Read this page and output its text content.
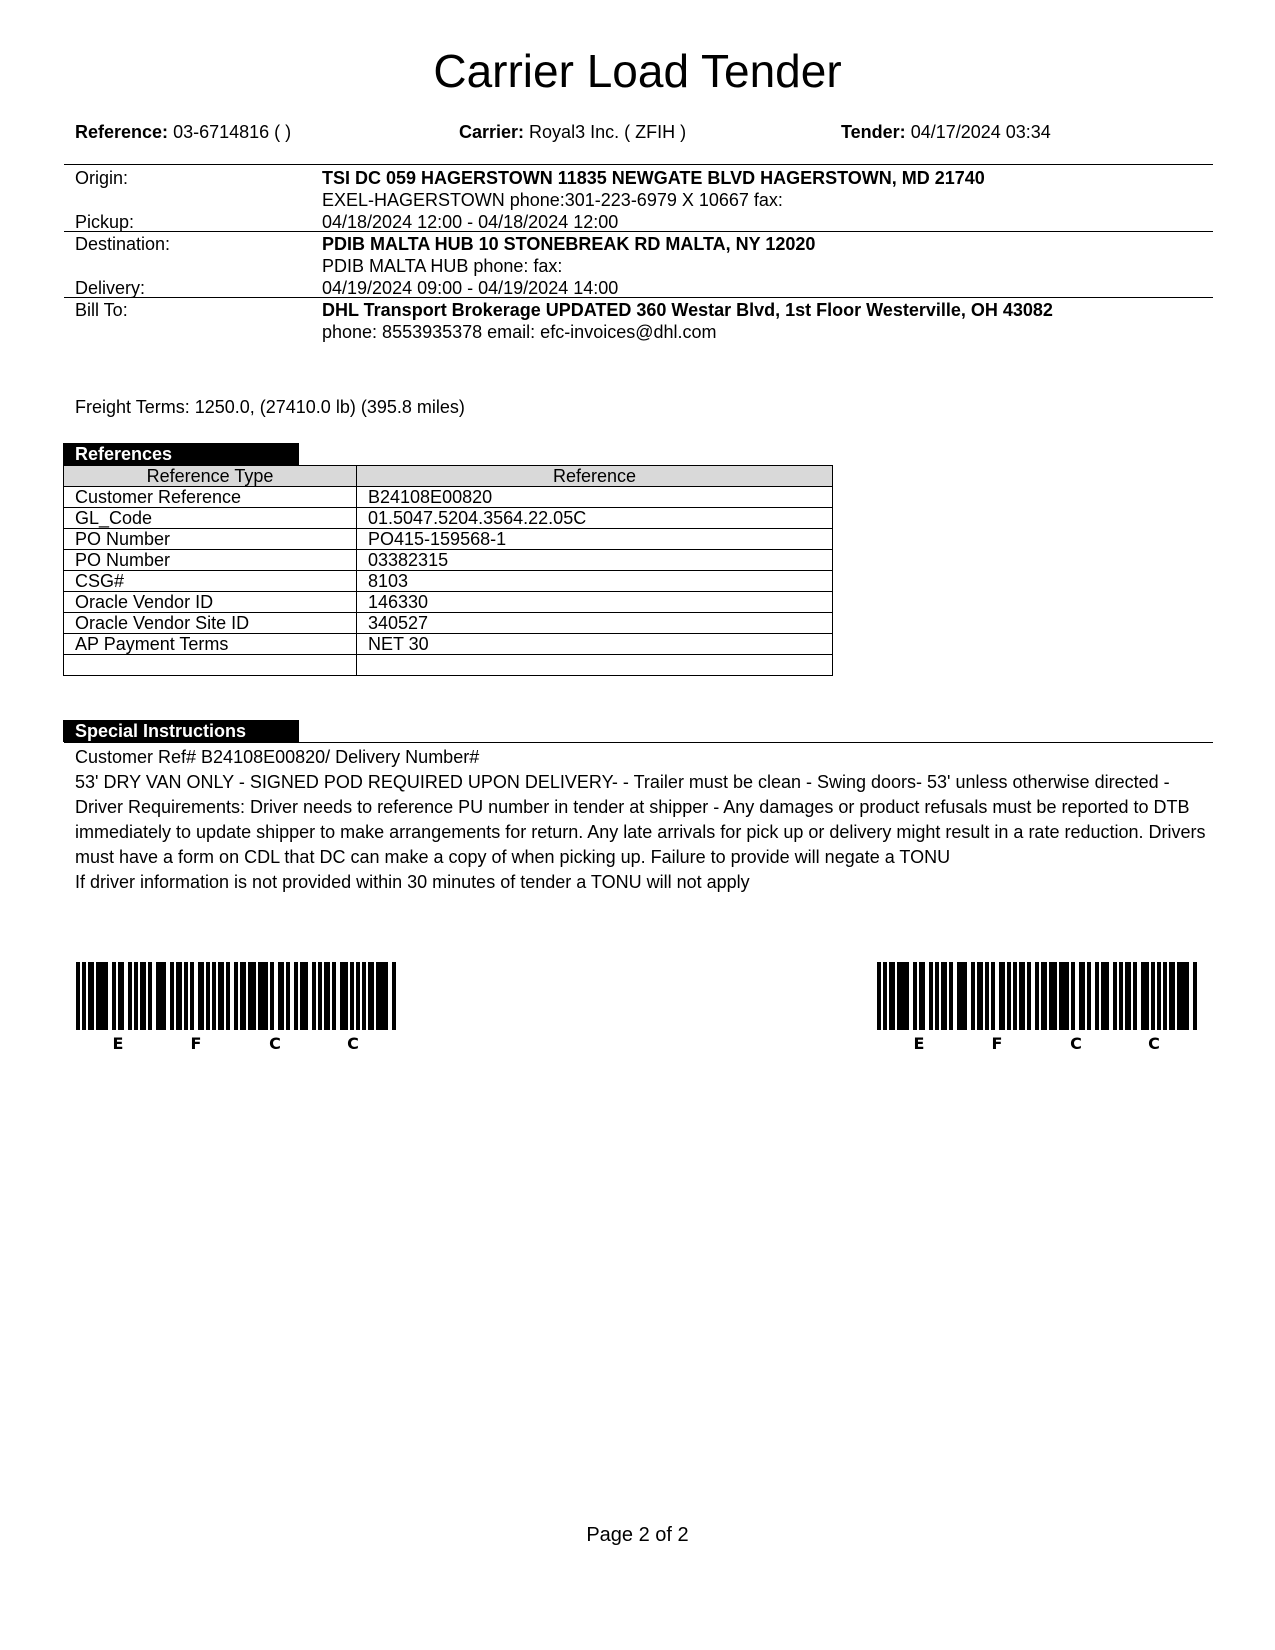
Carrier Load Tender
Reference: 03-6714816 ( )	Carrier: Royal3 Inc. ( ZFIH )	Tender: 04/17/2024 03:34
Origin:	TSI DC 059 HAGERSTOWN 11835 NEWGATE BLVD HAGERSTOWN, MD 21740
EXEL-HAGERSTOWN phone:301-223-6979 X 10667 fax:
Pickup:	04/18/2024 12:00 - 04/18/2024 12:00
Destination:	PDIB MALTA HUB 10 STONEBREAK RD MALTA, NY 12020
PDIB MALTA HUB phone: fax:
Delivery:	04/19/2024 09:00 - 04/19/2024 14:00
Bill To:	DHL Transport Brokerage UPDATED 360 Westar Blvd, 1st Floor Westerville, OH 43082
phone: 8553935378 email: efc-invoices@dhl.com
Freight Terms: 1250.0, (27410.0 lb) (395.8 miles)
References
Reference Type	Reference
Customer Reference	B24108E00820
GL_Code	01.5047.5204.3564.22.05C
PO Number	PO415-159568-1
PO Number	03382315
CSG#	8103
Oracle Vendor ID	146330
Oracle Vendor Site ID	340527
AP Payment Terms	NET 30

Special Instructions
Customer Ref# B24108E00820/ Delivery Number#
53' DRY VAN ONLY - SIGNED POD REQUIRED UPON DELIVERY- - Trailer must be clean - Swing doors- 53' unless otherwise directed - Driver Requirements: Driver needs to reference PU number in tender at shipper - Any damages or product refusals must be reported to DTB immediately to update shipper to make arrangements for return. Any late arrivals for pick up or delivery might result in a rate reduction. Drivers must have a form on CDL that DC can make a copy of when picking up. Failure to provide will negate a TONU
If driver information is not provided within 30 minutes of tender a TONU will not apply
E	F	C	C	E	F	C	C
Page 2 of 2
